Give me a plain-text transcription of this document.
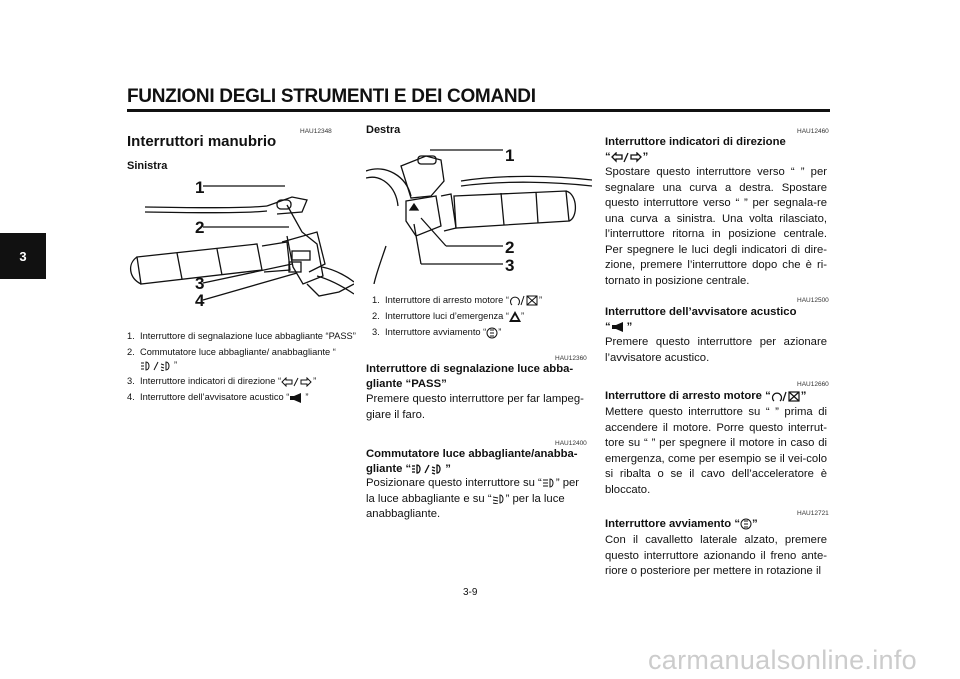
FUNZIONI DEGLI STRUMENTI E DEI COMANDI
3
HAU12348
Interruttori manubrio
Sinistra
1
2
3
4
1. Interruttore di segnalazione luce abbagliante “PASS”
2. Commutatore luce abbagliante/ anabbagliante “”
3. Interruttore indicatori di direzione “	”
4. Interruttore dell’avvisatore acustico “ ”
Destra
1
2
3
1. Interruttore di arresto motore “	”
2. Interruttore luci d’emergenza “ ”
3. Interruttore avviamento “ ”
HAU12360
Interruttore di segnalazione luce abba-
gliante “PASS”
Premere questo interruttore per far lampeg-
giare il faro.
HAU12400
Commutatore luce abbagliante/anabba-
gliante “	”
Posizionare questo interruttore su “ ” per
la luce abbagliante e su “ ” per la luce
anabbagliante.
HAU12460
Interruttore indicatori di direzione
“	”
Spostare questo interruttore verso “ ” per segnalare una curva a destra. Spostare questo interruttore verso “ ” per segnala-re una curva a sinistra. Una volta rilasciato, l’interruttore ritorna in posizione centrale. Per spegnere le luci degli indicatori di dire-zione, premere l’interruttore dopo che è ri-tornato in posizione centrale.
HAU12500
Interruttore dell’avvisatore acustico
“ ”
Premere questo interruttore per azionare l’avvisatore acustico.
HAU12660
Interruttore di arresto motore “	”
Mettere questo interruttore su “ ” prima di accendere il motore. Porre questo interrut-tore su “ ” per spegnere il motore in caso di emergenza, come per esempio se il vei-colo si ribalta o se il cavo dell’acceleratore è bloccato.
HAU12721
Interruttore avviamento “ ”
Con il cavalletto laterale alzato, premere questo interruttore azionando il freno ante-riore o posteriore per mettere in rotazione il
3-9
carmanualsonline.info
